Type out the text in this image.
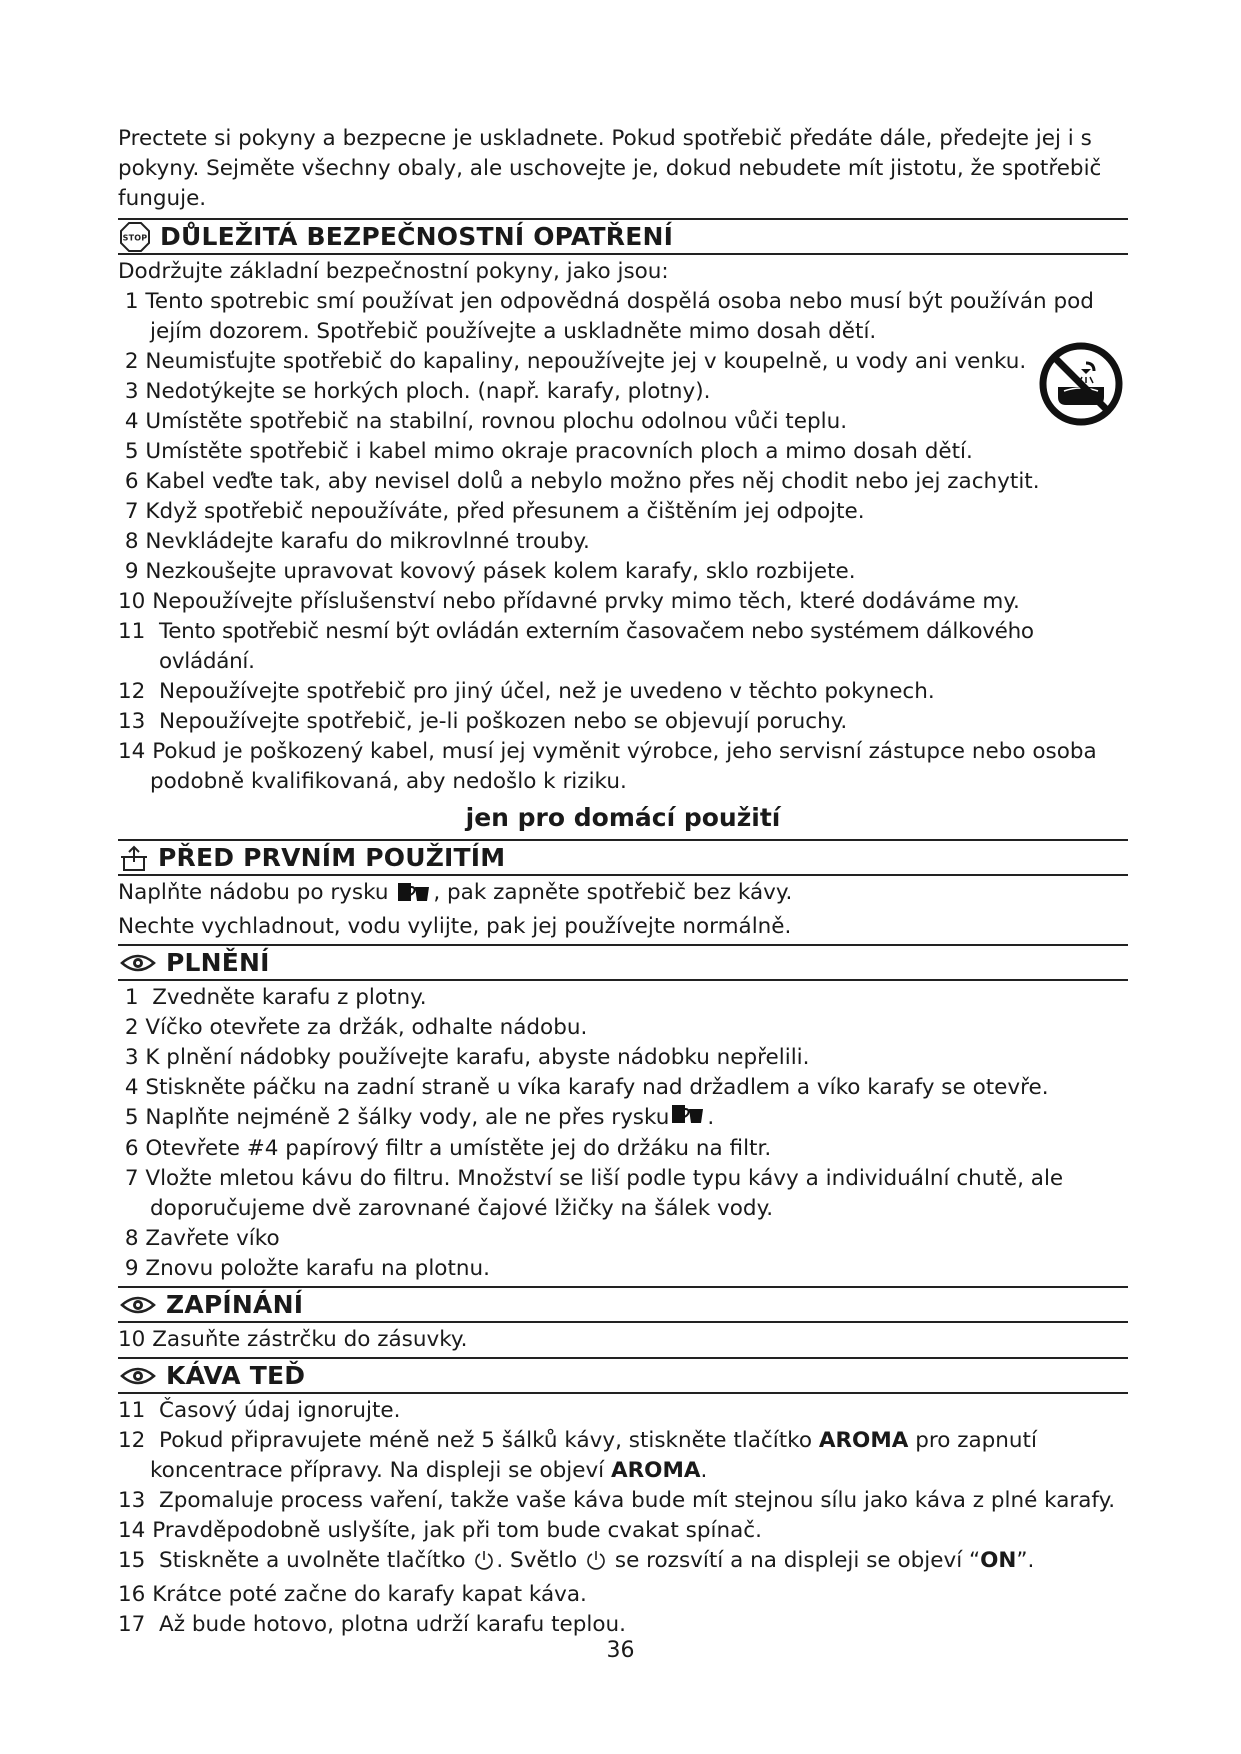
Prectete si pokyny a bezpecne je uskladnete. Pokud spotřebič předáte dále, předejte jej i s pokyny. Sejměte všechny obaly, ale uschovejte je, dokud nebudete mít jistotu, že spotřebič funguje.

STOP DŮLEŽITÁ BEZPEČNOSTNÍ OPATŘENÍ

Dodržujte základní bezpečnostní pokyny, jako jsou:

1 Tento spotrebic smí používat jen odpovědná dospělá osoba nebo musí být používán pod
jejím dozorem. Spotřebič používejte a uskladněte mimo dosah dětí.
2 Neumisťujte spotřebič do kapaliny, nepoužívejte jej v koupelně, u vody ani venku.
3 Nedotýkejte se horkých ploch. (např. karafy, plotny).
4 Umístěte spotřebič na stabilní, rovnou plochu odolnou vůči teplu.
5 Umístěte spotřebič i kabel mimo okraje pracovních ploch a mimo dosah dětí.
6 Kabel veďte tak, aby nevisel dolů a nebylo možno přes něj chodit nebo jej zachytit.
7 Když spotřebič nepoužíváte, před přesunem a čištěním jej odpojte.
8 Nevkládejte karafu do mikrovlnné trouby.
9 Nezkoušejte upravovat kovový pásek kolem karafy, sklo rozbijete.
10 Nepoužívejte příslušenství nebo přídavné prvky mimo těch, které dodáváme my.
11 Tento spotřebič nesmí být ovládán externím časovačem nebo systémem dálkového ovládání.
12 Nepoužívejte spotřebič pro jiný účel, než je uvedeno v těchto pokynech.
13 Nepoužívejte spotřebič, je-li poškozen nebo se objevují poruchy.
14 Pokud je poškozený kabel, musí jej vyměnit výrobce, jeho servisní zástupce nebo osoba
podobně kvalifikovaná, aby nedošlo k riziku.
jen pro domácí použití
PŘED PRVNÍM POUŽITÍM

Naplňte nádobu po rysku , pak zapněte spotřebič bez kávy.

Nechte vychladnout, vodu vylijte, pak jej používejte normálně.

PLNĚNÍ
1 Zvedněte karafu z plotny.
2 Víčko otevřete za držák, odhalte nádobu.
3 K plnění nádobky používejte karafu, abyste nádobku nepřelili.
4 Stiskněte páčku na zadní straně u víka karafy nad držadlem a víko karafy se otevře.
5 Naplňte nejméně 2 šálky vody, ale ne přes rysku .
6 Otevřete #4 papírový filtr a umístěte jej do držáku na filtr.
7 Vložte mletou kávu do filtru. Množství se liší podle typu kávy a individuální chutě, ale
doporučujeme dvě zarovnané čajové lžičky na šálek vody.
8 Zavřete víko
9 Znovu položte karafu na plotnu.
ZAPÍNÁNÍ
10 Zasuňte zástrčku do zásuvky.
KÁVA TEĎ
11 Časový údaj ignorujte.
12 Pokud připravujete méně než 5 šálků kávy, stiskněte tlačítko AROMA pro zapnutí
koncentrace přípravy. Na displeji se objeví AROMA.
13 Zpomaluje process vaření, takže vaše káva bude mít stejnou sílu jako káva z plné karafy.
14 Pravděpodobně uslyšíte, jak při tom bude cvakat spínač.
15 Stiskněte a uvolněte tlačítko . Světlo  se rozsvítí a na displeji se objeví “ON”.
16 Krátce poté začne do karafy kapat káva.
17 Až bude hotovo, plotna udrží karafu teplou.
36
